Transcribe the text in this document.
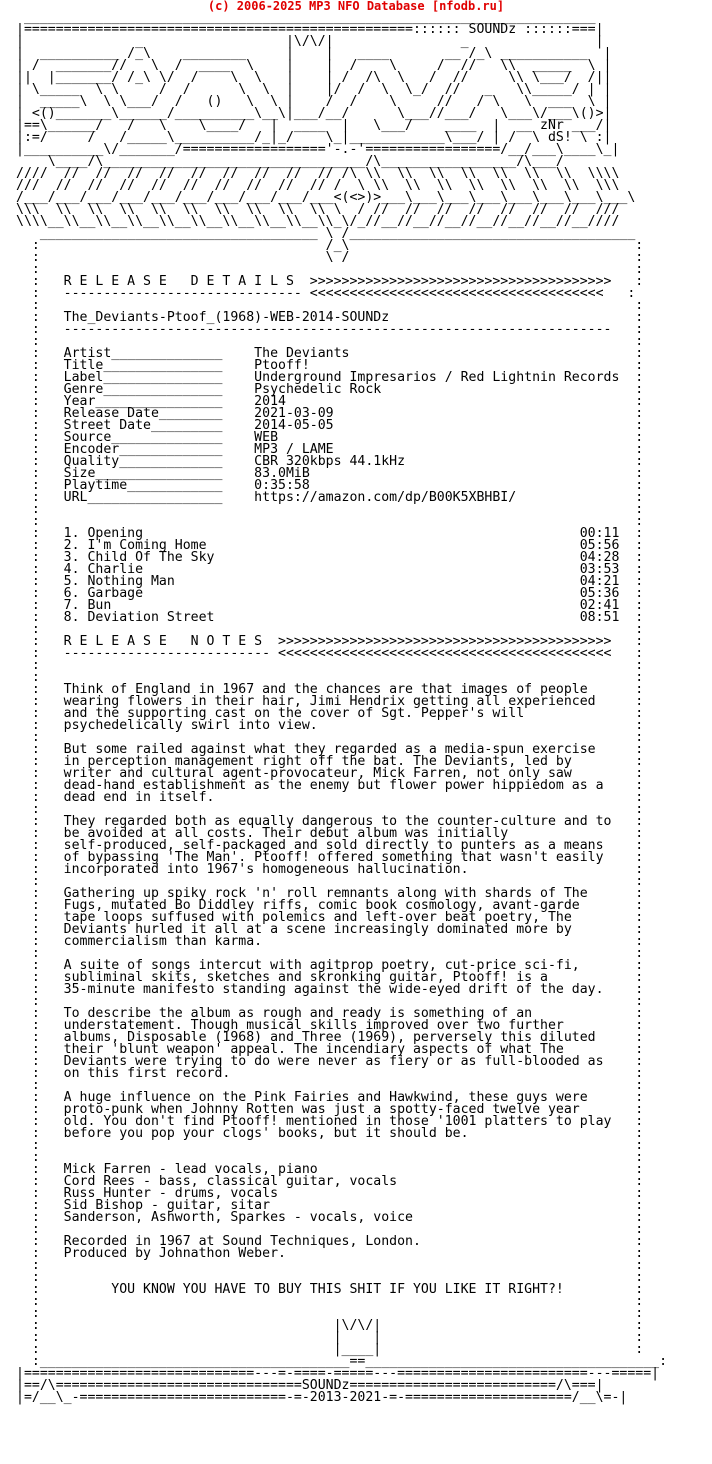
(c) 2006-2025 MP3 NFO Database [nfodb.ru]
________________________________________________________________________
|=================================================:::::: SOUNDz ::::::===|
|              _                  |\/\/|                _                |
|  __________ /_\    ________     |    |   ____       __ /_\ ___________  |
| /  _______//   \  /  ____  \    |    |  /    \     /  //   \\  _____  \ |
||  |_______/ /_\ \/  /    \  \   |    | /  /\  \   /  //     \\ \___/  /||
| \_____  \ \     /  /      \  \  |    |/  /  \  \_/  //   _   \\_____/ | |
|  _____\  \ \___/  /   ()   \  \ |    /  /    \     //   / \   \  ___  \ |
| <()_______\______/__________\__\|___/__/      \___//___/   \___\/___\()>|
|==\______/   /   \    \____/   |  ____  |   \___/    ____  |  __ zNr ___/|
|:=/     /   /_____\__________/_|_/    \_|____________\___/ | /  \ dS! \ :|
|__________\/_______/=================='-.-'=================/__/___\____\_|
\____/\_________________________________/\_________________/\___/
////  //  //  //  //  //  //  //  //  // /\ \\  \\  \\  \\  \\  \\  \\  \\\\
///  //  //  //  //  //  //  //  //  // /  \ \\  \\  \\  \\  \\  \\  \\  \\\
/___/___/___/___/___/___/___/___/___/___<(<>)>___\___\___\___\___\___\___\___\
\\\  \\  \\  \\  \\  \\  \\  \\  \\  \\ \  / //  //  //  //  //  //  //  ///
\\\\__\\__\\__\\__\\__\\__\\__\\__\\__\\_\/_//__//__//__//__//__//__//__////
___________________________________ \ /____________________________________
:                                    /_\                                    :
:                                    \ /                                    :
:                                                                           :
:   R E L E A S E   D E T A I L S  >>>>>>>>>>>>>>>>>>>>>>>>>>>>>>>>>>>>>>   :
:   ------------------------------ <<<<<<<<<<<<<<<<<<<<<<<<<<<<<<<<<<<<<   :
:                                                                           :
:   The_Deviants-Ptoof_(1968)-WEB-2014-SOUNDz                               :
:   ---------------------------------------------------------------------   :
:                                                                           :
:   Artist______________    The Deviants                                    :
:   Title_______________    Ptooff!                                         :
:   Label_______________    Underground Impresarios / Red Lightnin Records  :
:   Genre_______________    Psychedelic Rock                                :
:   Year________________    2014                                            :
:   Release Date________    2021-03-09                                      :
:   Street Date_________    2014-05-05                                      :
:   Source______________    WEB                                             :
:   Encoder_____________    MP3 / LAME                                      :
:   Quality_____________    CBR 320kbps 44.1kHz                             :
:   Size________________    83.0MiB                                         :
:   Playtime____________    0:35:58                                         :
:   URL_________________    https://amazon.com/dp/B00K5XBHBI/               :
:                                                                           :
:                                                                           :
:   1. Opening                                                       00:11  :
:   2. I'm Coming Home                                               05:56  :
:   3. Child Of The Sky                                              04:28  :
:   4. Charlie                                                       03:53  :
:   5. Nothing Man                                                   04:21  :
:   6. Garbage                                                       05:36  :
:   7. Bun                                                           02:41  :
:   8. Deviation Street                                              08:51  :
:                                                                           :
:   R E L E A S E   N O T E S  >>>>>>>>>>>>>>>>>>>>>>>>>>>>>>>>>>>>>>>>>>   :
:   -------------------------- <<<<<<<<<<<<<<<<<<<<<<<<<<<<<<<<<<<<<<<<<<   :
:                                                                           :
:                                                                           :
:   Think of England in 1967 and the chances are that images of people      :
:   wearing flowers in their hair, Jimi Hendrix getting all experienced     :
:   and the supporting cast on the cover of Sgt. Pepper's will              :
:   psychedelically swirl into view.                                        :
:                                                                           :
:   But some railed against what they regarded as a media-spun exercise     :
:   in perception management right off the bat. The Deviants, led by        :
:   writer and cultural agent-provocateur, Mick Farren, not only saw        :
:   dead-hand establishment as the enemy but flower power hippiedom as a    :
:   dead end in itself.                                                     :
:                                                                           :
:   They regarded both as equally dangerous to the counter-culture and to   :
:   be avoided at all costs. Their debut album was initially                :
:   self-produced, self-packaged and sold directly to punters as a means    :
:   of bypassing 'The Man'. Ptooff! offered something that wasn't easily    :
:   incorporated into 1967's homogeneous hallucination.                     :
:                                                                           :
:   Gathering up spiky rock 'n' roll remnants along with shards of The      :
:   Fugs, mutated Bo Diddley riffs, comic book cosmology, avant-garde       :
:   tape loops suffused with polemics and left-over beat poetry, The        :
:   Deviants hurled it all at a scene increasingly dominated more by        :
:   commercialism than karma.                                               :
:                                                                           :
:   A suite of songs intercut with agitprop poetry, cut-price sci-fi,       :
:   subliminal skits, sketches and skronking guitar, Ptooff! is a           :
:   35-minute manifesto standing against the wide-eyed drift of the day.    :
:                                                                           :
:   To describe the album as rough and ready is something of an             :
:   understatement. Though musical skills improved over two further         :
:   albums, Disposable (1968) and Three (1969), perversely this diluted     :
:   their 'blunt weapon' appeal. The incendiary aspects of what The         :
:   Deviants were trying to do were never as fiery or as full-blooded as    :
:   on this first record.                                                   :
:                                                                           :
:   A huge influence on the Pink Fairies and Hawkwind, these guys were      :
:   proto-punk when Johnny Rotten was just a spotty-faced twelve year       :
:   old. You don't find Ptooff! mentioned in those '1001 platters to play   :
:   before you pop your clogs' books, but it should be.                     :
:                                                                           :
:                                                                           :
:   Mick Farren - lead vocals, piano                                        :
:   Cord Rees - bass, classical guitar, vocals                              :
:   Russ Hunter - drums, vocals                                             :
:   Sid Bishop - guitar, sitar                                              :
:   Sanderson, Ashworth, Sparkes - vocals, voice                            :
:                                                                           :
:   Recorded in 1967 at Sound Techniques, London.                           :
:   Produced by Johnathon Weber.                                            :
:                                                                           :
:                                                                           :
:         YOU KNOW YOU HAVE TO BUY THIS SHIT IF YOU LIKE IT RIGHT?!         :
:                                                                           :
:                                                                           :
:                                     |\/\/|                                :
:                                     |    |                                :
:                                     |____|                                :
:_______________________________________==_____________________________________:
|=============================---=-====-=====---========================---=====|
|==/\===============================SOUNDz==========================/\===|
|=/__\_-==========================-=-2013-2021-=-=====================/__\=-|
